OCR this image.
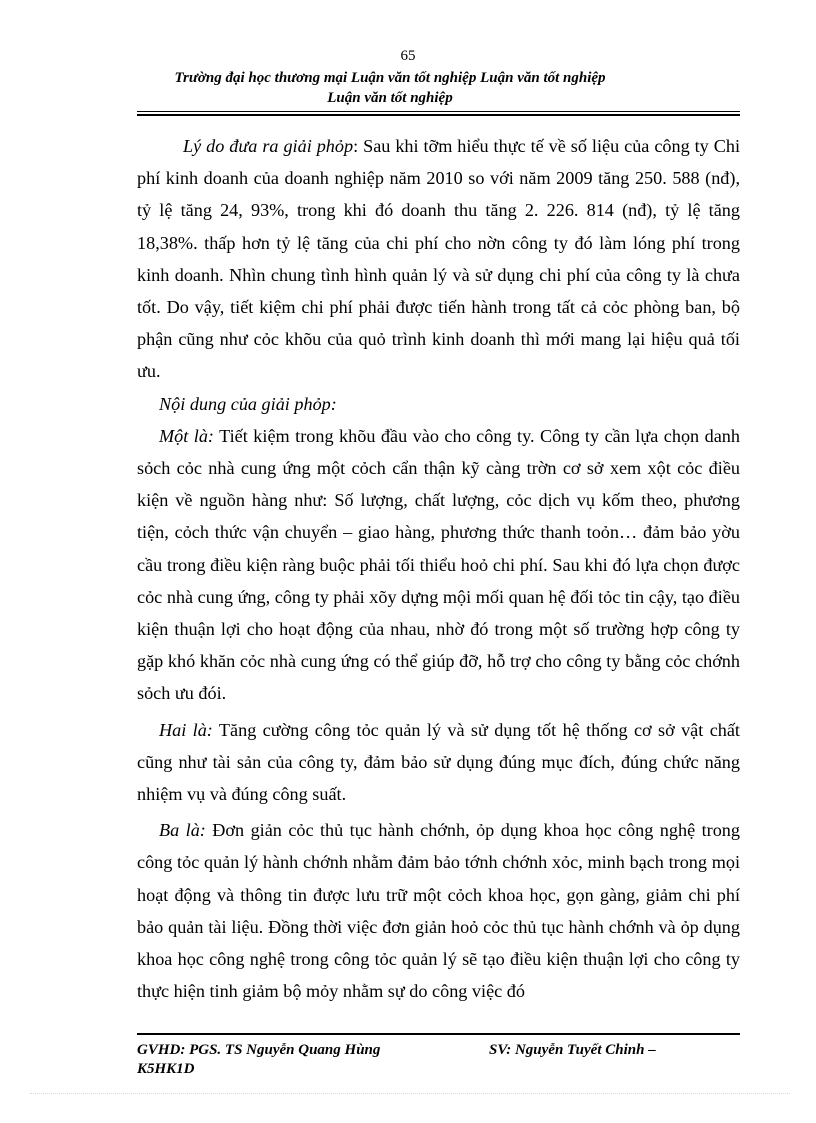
65
Trường đại học thương mại Luận văn tốt nghiệp Luận văn tốt nghiệp
Luận văn tốt nghiệp

Lý do đưa ra giải phỏp: Sau khi tỡm hiểu thực tế về số liệu của công ty Chi phí kinh doanh của doanh nghiệp năm 2010 so với năm 2009 tăng 250. 588 (nđ), tỷ lệ tăng 24, 93%, trong khi đó doanh thu tăng 2. 226. 814 (nđ), tỷ lệ tăng 18,38%. thấp hơn tỷ lệ tăng của chi phí cho nờn công ty đó làm lóng phí trong kinh doanh. Nhìn chung tình hình quản lý và sử dụng chi phí của công ty là chưa tốt. Do vậy, tiết kiệm chi phí phải được tiến hành trong tất cả cỏc phòng ban, bộ phận cũng như cỏc khõu của quỏ trình kinh doanh thì mới mang lại hiệu quả tối ưu.

Nội dung của giải phỏp:

Một là: Tiết kiệm trong khõu đầu vào cho công ty. Công ty cần lựa chọn danh sỏch cỏc nhà cung ứng một cỏch cẩn thận kỹ càng trờn cơ sở xem xột cỏc điều kiện về nguồn hàng như: Số lượng, chất lượng, cỏc dịch vụ kốm theo, phương tiện, cỏch thức vận chuyển – giao hàng, phương thức thanh toỏn… đảm bảo yờu cầu trong điều kiện ràng buộc phải tối thiểu hoỏ chi phí. Sau khi đó lựa chọn được cỏc nhà cung ứng, công ty phải xõy dựng mội mối quan hệ đối tỏc tin cậy, tạo điều kiện thuận lợi cho hoạt động của nhau, nhờ đó trong một số trường hợp công ty gặp khó khăn cỏc nhà cung ứng có thể giúp đỡ, hỗ trợ cho công ty bằng cỏc chớnh sỏch ưu đói.

Hai là: Tăng cường công tỏc quản lý và sử dụng tốt hệ thống cơ sở vật chất cũng như tài sản của công ty, đảm bảo sử dụng đúng mục đích, đúng chức năng nhiệm vụ và đúng công suất.

Ba là: Đơn giản cỏc thủ tục hành chớnh, ỏp dụng khoa học công nghệ trong công tỏc quản lý hành chớnh nhằm đảm bảo tớnh chớnh xỏc, minh bạch trong mọi hoạt động và thông tin được lưu trữ một cỏch khoa học, gọn gàng, giảm chi phí bảo quản tài liệu. Đồng thời việc đơn giản hoỏ cỏc thủ tục hành chớnh và ỏp dụng khoa học công nghệ trong công tỏc quản lý sẽ tạo điều kiện thuận lợi cho công ty thực hiện tinh giảm bộ mỏy nhằm sự do công việc đó

GVHD: PGS. TS Nguyễn Quang Hùng	SV: Nguyễn Tuyết Chinh –
K5HK1D
